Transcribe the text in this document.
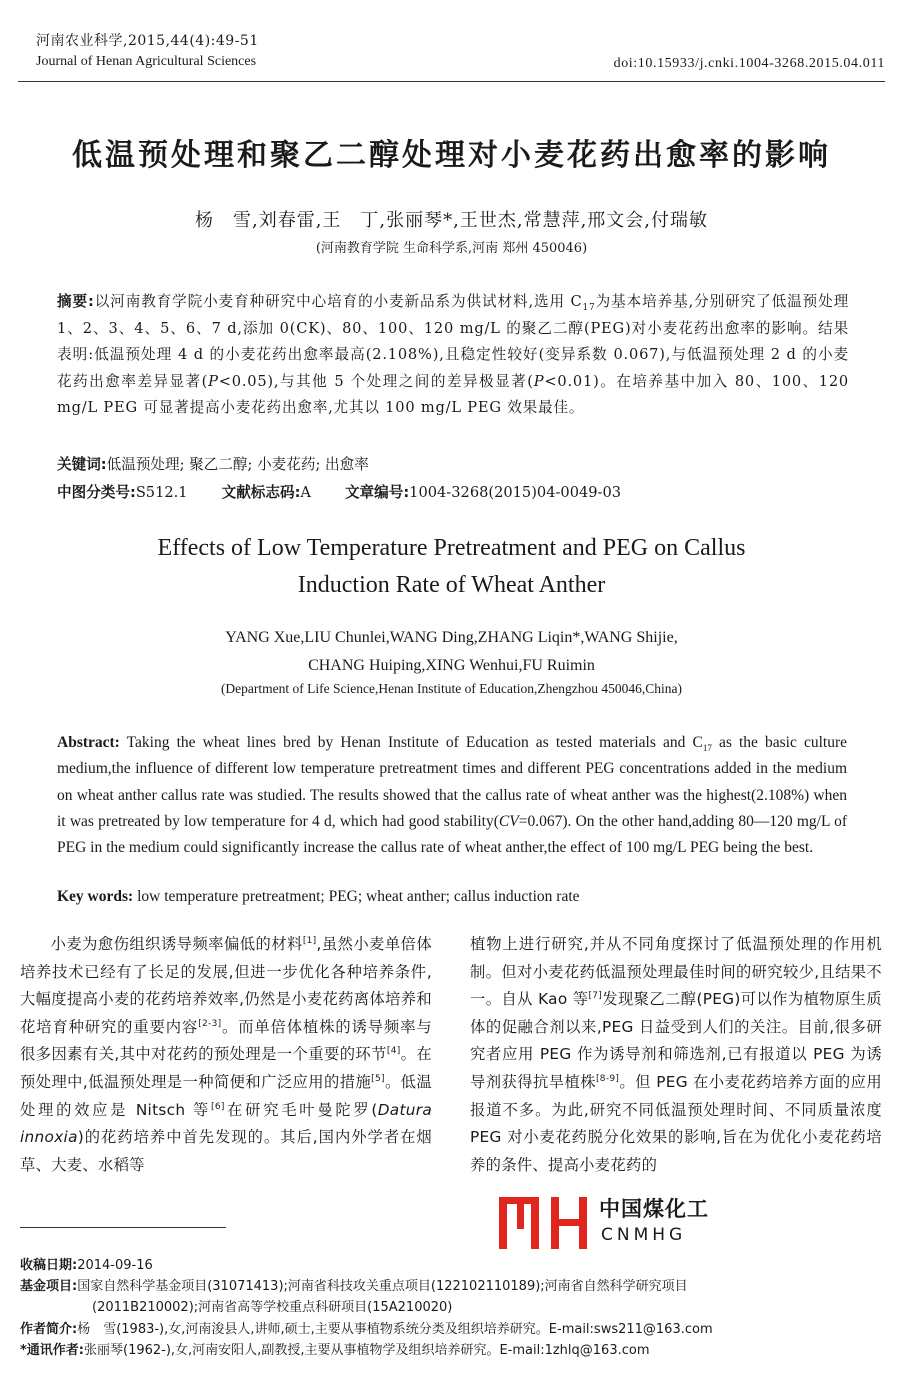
河南农业科学,2015,44(4):49-51
Journal of Henan Agricultural Sciences	doi:10.15933/j.cnki.1004-3268.2015.04.011
低温预处理和聚乙二醇处理对小麦花药出愈率的影响
杨　雪,刘春雷,王　丁,张丽琴*,王世杰,常慧萍,邢文会,付瑞敏
(河南教育学院 生命科学系,河南 郑州 450046)
摘要:以河南教育学院小麦育种研究中心培育的小麦新品系为供试材料,选用 $C_{17}$为基本培养基,分别研究了低温预处理 1、2、3、4、5、6、7 d,添加 0(CK)、80、100、120 mg/L 的聚乙二醇(PEG)对小麦花药出愈率的影响。结果表明:低温预处理 4 d 的小麦花药出愈率最高(2.108%),且稳定性较好(变异系数 0.067),与低温预处理 2 d 的小麦花药出愈率差异显著(P<0.05),与其他 5 个处理之间的差异极显著(P<0.01)。在培养基中加入 80、100、120 mg/L PEG 可显著提高小麦花药出愈率,尤其以 100 mg/L PEG 效果最佳。
关键词:低温预处理; 聚乙二醇; 小麦花药; 出愈率
中图分类号:S512.1 文献标志码:A 文章编号:1004-3268(2015)04-0049-03
Effects of Low Temperature Pretreatment and PEG on Callus
Induction Rate of Wheat Anther
YANG Xue,LIU Chunlei,WANG Ding,ZHANG Liqin*,WANG Shijie,
CHANG Huiping,XING Wenhui,FU Ruimin
(Department of Life Science,Henan Institute of Education,Zhengzhou 450046,China)
Abstract: Taking the wheat lines bred by Henan Institute of Education as tested materials and $C_{17}$ as the basic culture medium,the influence of different low temperature pretreatment times and different PEG concentrations added in the medium on wheat anther callus rate was studied. The results showed that the callus rate of wheat anther was the highest(2.108%) when it was pretreated by low temperature for 4 d, which had good stability(CV=0.067). On the other hand,adding 80—120 mg/L of PEG in the medium could significantly increase the callus rate of wheat anther,the effect of 100 mg/L PEG being the best.
Key words: low temperature pretreatment; PEG; wheat anther; callus induction rate
小麦为愈伤组织诱导频率偏低的材料[1],虽然小麦单倍体培养技术已经有了长足的发展,但进一步优化各种培养条件,大幅度提高小麦的花药培养效率,仍然是小麦花药离体培养和花培育种研究的重要内容[2-3]。而单倍体植株的诱导频率与很多因素有关,其中对花药的预处理是一个重要的环节[4]。在预处理中,低温预处理是一种简便和广泛应用的措施[5]。低温处理的效应是 Nitsch 等[6]在研究毛叶曼陀罗(Datura innoxia)的花药培养中首先发现的。其后,国内外学者在烟草、大麦、水稻等
植物上进行研究,并从不同角度探讨了低温预处理的作用机制。但对小麦花药低温预处理最佳时间的研究较少,且结果不一。自从 Kao 等[7]发现聚乙二醇(PEG)可以作为植物原生质体的促融合剂以来,PEG 日益受到人们的关注。目前,很多研究者应用 PEG 作为诱导剂和筛选剂,已有报道以 PEG 为诱导剂获得抗旱植株[8-9]。但 PEG 在小麦花药培养方面的应用报道不多。为此,研究不同低温预处理时间、不同质量浓度 PEG 对小麦花药脱分化效果的影响,旨在为优化小麦花药培养的条件、提高小麦花药的
中国煤化工
CNMHG
收稿日期:2014-09-16
基金项目:国家自然科学基金项目(31071413);河南省科技攻关重点项目(122102110189);河南省自然科学研究项目
(2011B210002);河南省高等学校重点科研项目(15A210020)
作者简介:杨　雪(1983-),女,河南浚县人,讲师,硕士,主要从事植物系统分类及组织培养研究。E-mail:sws211@163.com
*通讯作者:张丽琴(1962-),女,河南安阳人,副教授,主要从事植物学及组织培养研究。E-mail:1zhlq@163.com
